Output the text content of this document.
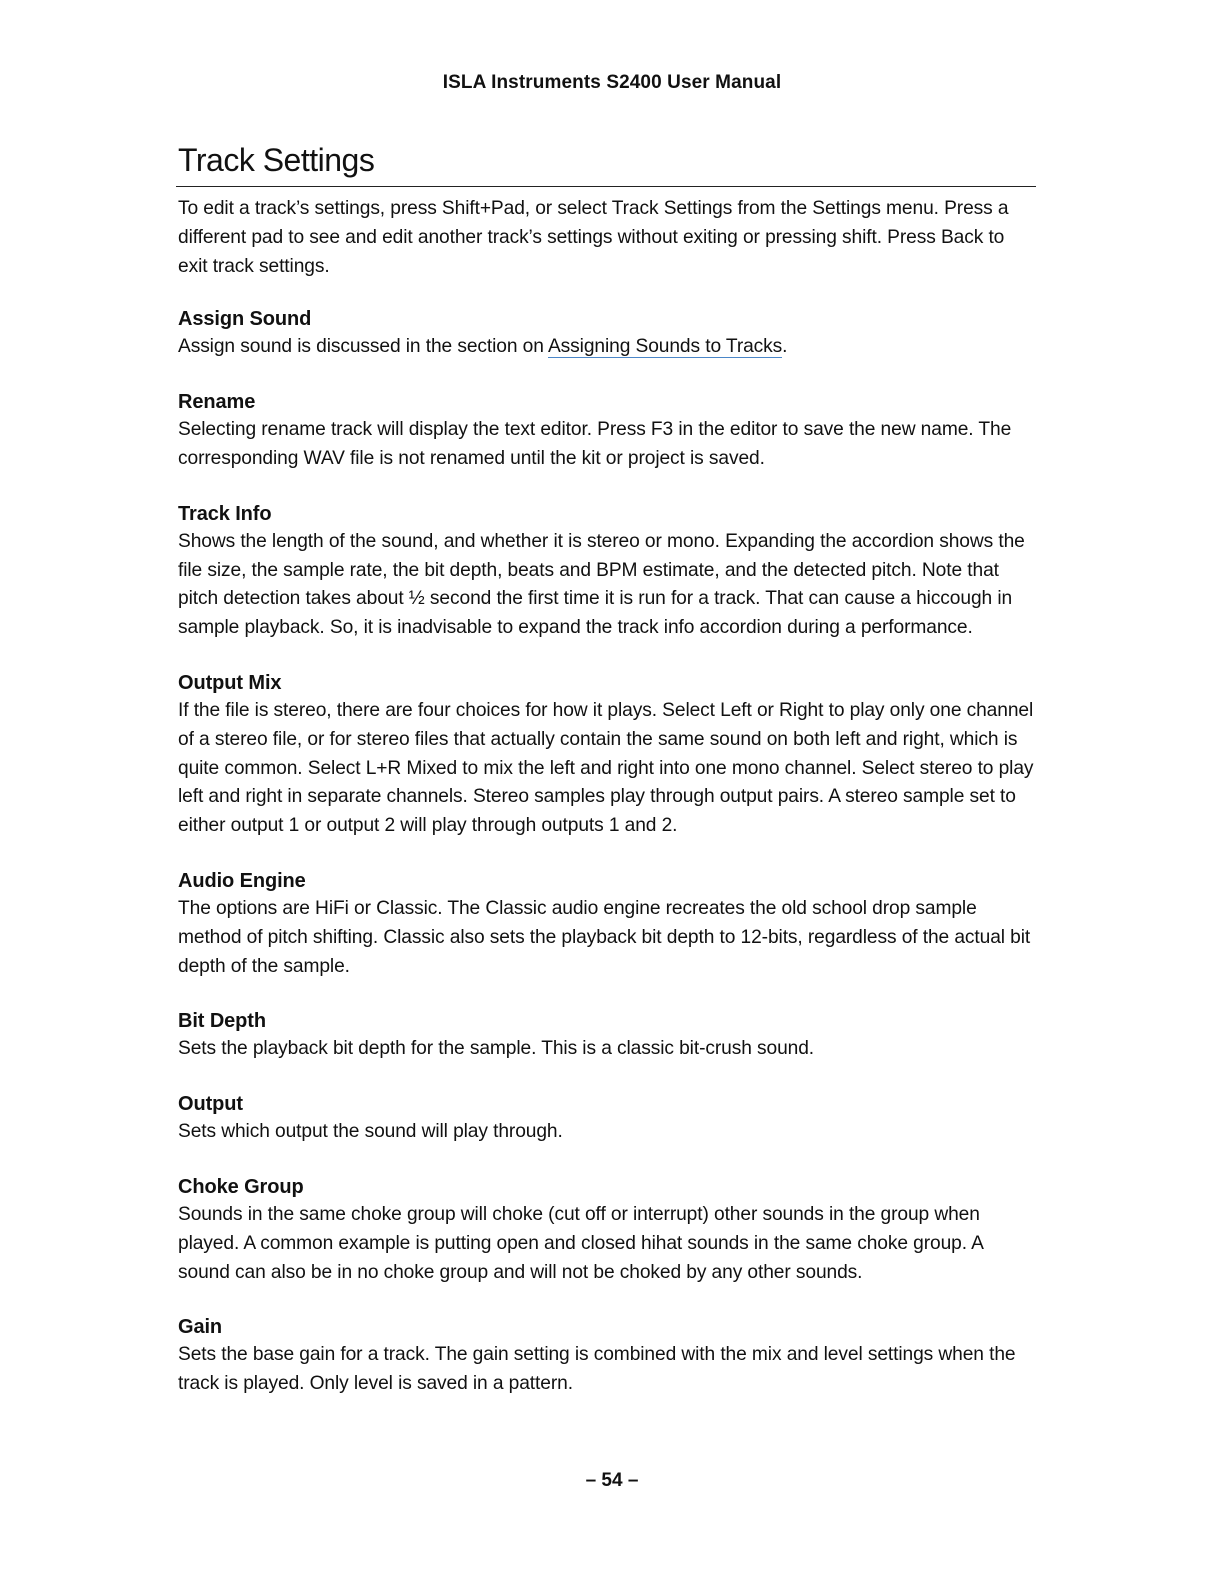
ISLA Instruments S2400 User Manual
Track Settings

To edit a track’s settings, press Shift+Pad, or select Track Settings from the Settings menu. Press a different pad to see and edit another track’s settings without exiting or pressing shift. Press Back to exit track settings.

Assign Sound

Assign sound is discussed in the section on Assigning Sounds to Tracks.

Rename

Selecting rename track will display the text editor. Press F3 in the editor to save the new name. The corresponding WAV file is not renamed until the kit or project is saved.

Track Info

Shows the length of the sound, and whether it is stereo or mono. Expanding the accordion shows the file size, the sample rate, the bit depth, beats and BPM estimate, and the detected pitch. Note that pitch detection takes about ½ second the first time it is run for a track. That can cause a hiccough in sample playback. So, it is inadvisable to expand the track info accordion during a performance.

Output Mix

If the file is stereo, there are four choices for how it plays. Select Left or Right to play only one channel of a stereo file, or for stereo files that actually contain the same sound on both left and right, which is quite common. Select L+R Mixed to mix the left and right into one mono channel. Select stereo to play left and right in separate channels. Stereo samples play through output pairs. A stereo sample set to either output 1 or output 2 will play through outputs 1 and 2.

Audio Engine

The options are HiFi or Classic. The Classic audio engine recreates the old school drop sample method of pitch shifting. Classic also sets the playback bit depth to 12-bits, regardless of the actual bit depth of the sample.

Bit Depth

Sets the playback bit depth for the sample. This is a classic bit-crush sound.

Output

Sets which output the sound will play through.

Choke Group

Sounds in the same choke group will choke (cut off or interrupt) other sounds in the group when played. A common example is putting open and closed hihat sounds in the same choke group. A sound can also be in no choke group and will not be choked by any other sounds.

Gain

Sets the base gain for a track. The gain setting is combined with the mix and level settings when the track is played. Only level is saved in a pattern.

– 54 –
